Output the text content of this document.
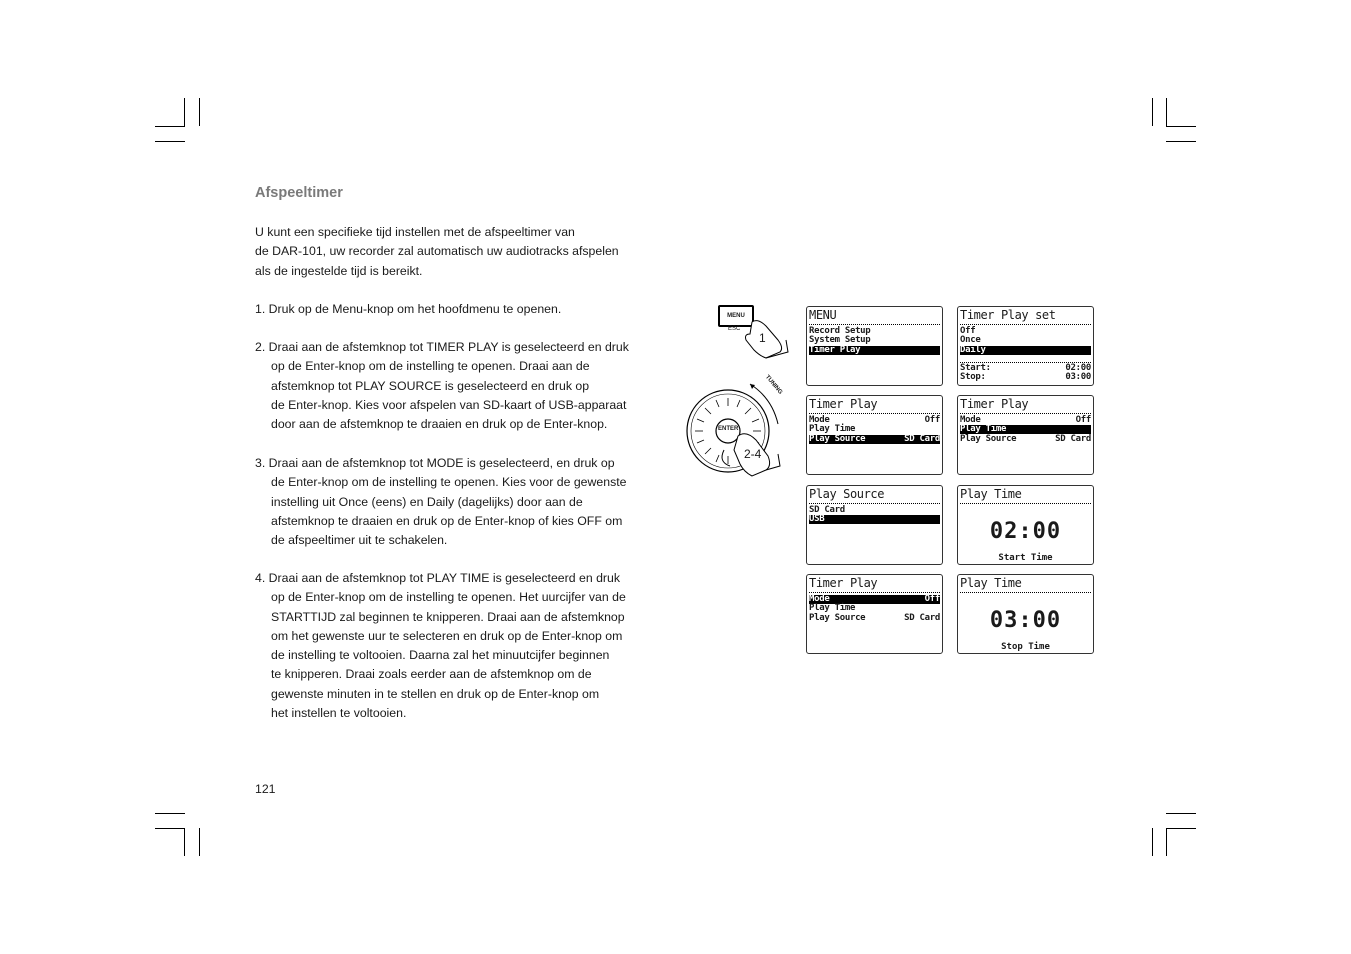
Afspeeltimer
U kunt een specifieke tijd instellen met de afspeeltimer van
de DAR-101, uw recorder zal automatisch uw audiotracks afspelen
als de ingestelde tijd is bereikt.
1. Druk op de Menu-knop om het hoofdmenu te openen.
2. Draai aan de afstemknop tot TIMER PLAY is geselecteerd en druk
op de Enter-knop om de instelling te openen. Draai aan de
afstemknop tot PLAY SOURCE is geselecteerd en druk op
de Enter-knop. Kies voor afspelen van SD-kaart of USB-apparaat
door aan de afstemknop te draaien en druk op de Enter-knop.
3. Draai aan de afstemknop tot MODE is geselecteerd, en druk op
de Enter-knop om de instelling te openen. Kies voor de gewenste
instelling uit Once (eens) en Daily (dagelijks) door aan de
afstemknop te draaien en druk op de Enter-knop of kies OFF om
de afspeeltimer uit te schakelen.
4. Draai aan de afstemknop tot PLAY TIME is geselecteerd en druk
op de Enter-knop om de instelling te openen. Het uurcijfer van de
STARTTIJD zal beginnen te knipperen. Draai aan de afstemknop
om het gewenste uur te selecteren en druk op de Enter-knop om
de instelling te voltooien. Daarna zal het minuutcijfer beginnen
te knipperen. Draai zoals eerder aan de afstemknop om de
gewenste minuten in te stellen en druk op de Enter-knop om
het instellen te voltooien.
121
MENU
ESC
1
2-4
TUNING
ENTER
MENU
Record Setup
System Setup
Timer Play
Timer Play set
Off
Once
Daily
Start:	02:00
Stop:	03:00
Timer Play
Mode	Off
Play Time
Play Source	SD Card
Timer Play
Mode	Off
Play Time
Play Source	SD Card
Play Source
SD Card
USB
Play Time
02:00
Start Time
Timer Play
Mode	Off
Play Time
Play Source	SD Card
Play Time
03:00
Stop Time
